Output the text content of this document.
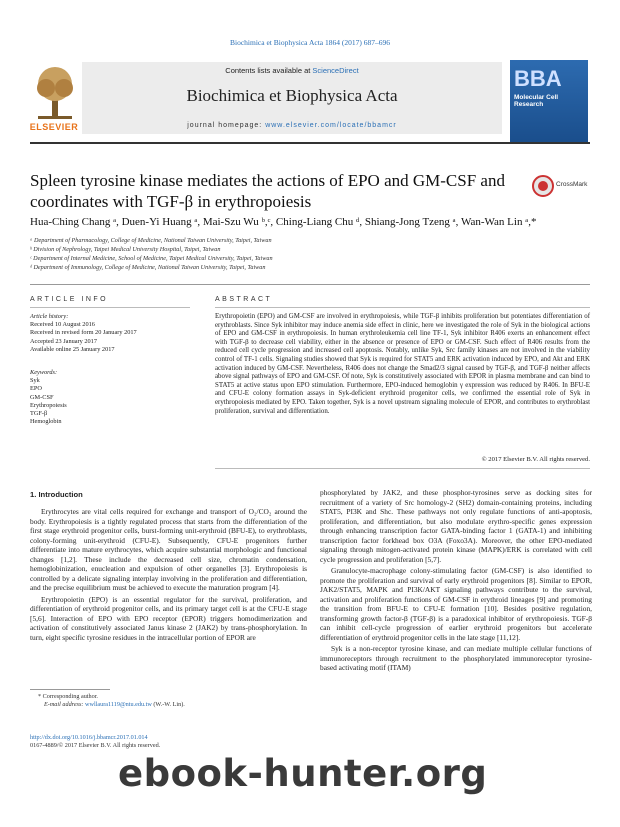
Biochimica et Biophysica Acta 1864 (2017) 687–696
ELSEVIER
Contents lists available at ScienceDirect
Biochimica et Biophysica Acta
journal homepage: www.elsevier.com/locate/bbamcr
BBA
Molecular Cell Research
Spleen tyrosine kinase mediates the actions of EPO and GM-CSF and coordinates with TGF-β in erythropoiesis
CrossMark
Hua-Ching Chang ᵃ, Duen-Yi Huang ᵃ, Mai-Szu Wu ᵇ,ᶜ, Ching-Liang Chu ᵈ, Shiang-Jong Tzeng ᵃ, Wan-Wan Lin ᵃ,*
ᵃ Department of Pharmacology, College of Medicine, National Taiwan University, Taipei, Taiwan
ᵇ Division of Nephrology, Taipei Medical University Hospital, Taipei, Taiwan
ᶜ Department of Internal Medicine, School of Medicine, Taipei Medical University, Taipei, Taiwan
ᵈ Department of Immunology, College of Medicine, National Taiwan University, Taipei, Taiwan
ARTICLE INFO
Article history:
Received 10 August 2016
Received in revised form 20 January 2017
Accepted 23 January 2017
Available online 25 January 2017
Keywords:
Syk
EPO
GM-CSF
Erythropoiesis
TGF-β
Hemoglobin
ABSTRACT
Erythropoietin (EPO) and GM-CSF are involved in erythropoiesis, while TGF-β inhibits proliferation but potentiates differentiation of erythroblasts. Since Syk inhibitor may induce anemia side effect in clinic, here we investigated the role of Syk in the biological actions of EPO and GM-CSF in erythropoiesis. In human erythroleukemia cell line TF-1, Syk inhibitor R406 exerts an enhancement effect with TGF-β to decrease cell viability, either in the absence or presence of EPO or GM-CSF. Such effect of R406 results from the reduced cell cycle progression and increased cell apoptosis. Notably, unlike Syk, Src family kinases are not involved in the viability control of TF-1 cells. Signaling studies showed that Syk is required for STAT5 and ERK activation induced by EPO, and Akt and ERK activation induced by GM-CSF. Nevertheless, R406 does not change the Smad2/3 signal caused by TGF-β, and TGF-β neither affects above signal pathways of EPO and GM-CSF. Of note, Syk is constitutively associated with EPOR in plasma membrane and can bind to STAT5 at active status upon EPO stimulation. Furthermore, EPO-induced hemoglobin γ expression was reduced by R406. In BFU-E and CFU-E colony formation assays in Syk-deficient erythroid progenitor cells, we confirmed the essential role of Syk in erythropoiesis mediated by EPO. Taken together, Syk is a novel upstream signaling molecule of EPOR, and contributes to erythroblast proliferation, survival and differentiation.
© 2017 Elsevier B.V. All rights reserved.
1. Introduction

Erythrocytes are vital cells required for exchange and transport of O₂/CO₂ around the body. Erythropoiesis is a tightly regulated process that starts from the differentiation of the first stage erythroid progenitor cells, burst-forming unit-erythroid (BFU-E), to erythroblasts, colony-forming unit-erythroid (CFU-E). Subsequently, CFU-E progenitors further differentiate into mature erythrocytes, which acquire substantial morphologic and functional changes [1,2]. These include the decreased cell size, chromatin condensation, hemoglobinization, enucleation and expulsion of other organelles [3]. Erythropoiesis is controlled by a delicate signaling interplay involving in the proliferation and differentiation, and the precise equilibrium must be achieved to execute the maturation program [4].

Erythropoietin (EPO) is an essential regulator for the survival, proliferation, and differentiation of erythroid progenitor cells, and its primary target cell is at the CFU-E stage [5,6]. Interaction of EPO with EPO receptor (EPOR) triggers homodimerization and activation of constitutively associated Janus kinase 2 (JAK2) by trans-phosphorylation. In turn, eight specific tyrosine residues in the intracellular portion of EPOR are

phosphorylated by JAK2, and these phosphor-tyrosines serve as docking sites for recruitment of a variety of Src homology-2 (SH2) domain-containing proteins, including STAT5, PI3K and Shc. These pathways not only regulate functions of anti-apoptosis, proliferation, and differentiation, but also modulate erythro-specific genes expression through enhancing transcription factor GATA-binding factor 1 (GATA-1) and inhibiting transcription factor forkhead box O3A (Foxo3A). Moreover, the other EPO-mediated signaling through mitogen-activated protein kinase (MAPK)/ERK is correlated with cell cycle progression and proliferation [5,7].

Granulocyte-macrophage colony-stimulating factor (GM-CSF) is also identified to promote the proliferation and survival of early erythroid progenitors [8]. Similar to EPOR, JAK2/STAT5, MAPK and PI3K/AKT signaling pathways contribute to the survival, activation and proliferation functions of GM-CSF in erythroid lineages [9] and promoting the transition from BFU-E to CFU-E formation [10]. Besides positive regulation, transforming growth factor-β (TGF-β) is a paradoxical inhibitor of erythropoiesis. TGF-β can inhibit cell-cycle progression of earlier erythroid progenitors but accelerate differentiation of erythroid progenitor cells in the late stage [11,12].

Syk is a non-receptor tyrosine kinase, and can mediate multiple cellular functions of immunoreceptors through recruitment to the phosphorylated immunoreceptor tyrosine-based activating motif (ITAM)

* Corresponding author.
E-mail address: wwllaura1119@ntu.edu.tw (W.-W. Lin).
http://dx.doi.org/10.1016/j.bbamcr.2017.01.014
0167-4889/© 2017 Elsevier B.V. All rights reserved.
ebook-hunter.org
